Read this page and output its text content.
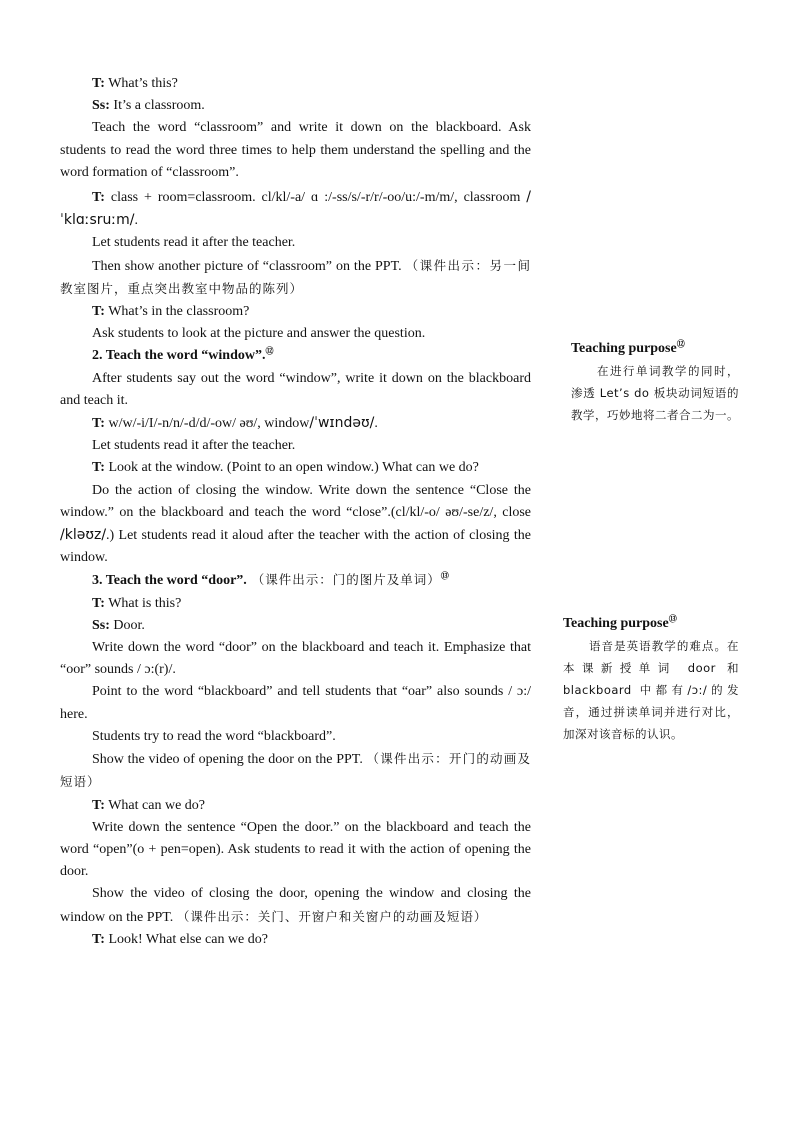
T: What’s this?

Ss: It’s a classroom.

Teach the word “classroom” and write it down on the blackboard. Ask students to read the word three times to help them understand the spelling and the word formation of “classroom”.

T: class + room=classroom. cl/kl/-a/ ɑ :/-ss/s/-r/r/-oo/u:/-m/m/, classroom /ˈklɑːsruːm/.

Let students read it after the teacher.

Then show another picture of “classroom” on the PPT. （课件出示：另一间教室图片，重点突出教室中物品的陈列）

T: What’s in the classroom?

Ask students to look at the picture and answer the question.

2. Teach the word “window”.⑫

After students say out the word “window”, write it down on the blackboard and teach it.

T: w/w/-i/I/-n/n/-d/d/-ow/ əʊ/, window/ˈwɪndəʊ/.

Let students read it after the teacher.

T: Look at the window. (Point to an open window.) What can we do?

Do the action of closing the window. Write down the sentence “Close the window.” on the blackboard and teach the word “close”.(cl/kl/-o/ əʊ/-se/z/, close /kləʊz/.) Let students read it aloud after the teacher with the action of closing the window.

3. Teach the word “door”. （课件出示：门的图片及单词）⑬

T: What is this?

Ss: Door.

Write down the word “door” on the blackboard and teach it. Emphasize that “oor” sounds / ɔ:(r)/.

Point to the word “blackboard” and tell students that “oar” also sounds / ɔ:/ here.

Students try to read the word “blackboard”.

Show the video of opening the door on the PPT. （课件出示：开门的动画及短语）

T: What can we do?

Write down the sentence “Open the door.” on the blackboard and teach the word “open”(o + pen=open). Ask students to read it with the action of opening the door.

Show the video of closing the door, opening the window and closing the window on the PPT. （课件出示：关门、开窗户和关窗户的动画及短语）

T: Look! What else can we do?

Teaching purpose⑫
在进行单词教学的同时，渗透 Let’s do 板块动词短语的教学，巧妙地将二者合二为一。
Teaching purpose⑬
语音是英语教学的难点。在本课新授单词 door 和 blackboard 中都有/ɔ:/的发音，通过拼读单词并进行对比，加深对该音标的认识。
